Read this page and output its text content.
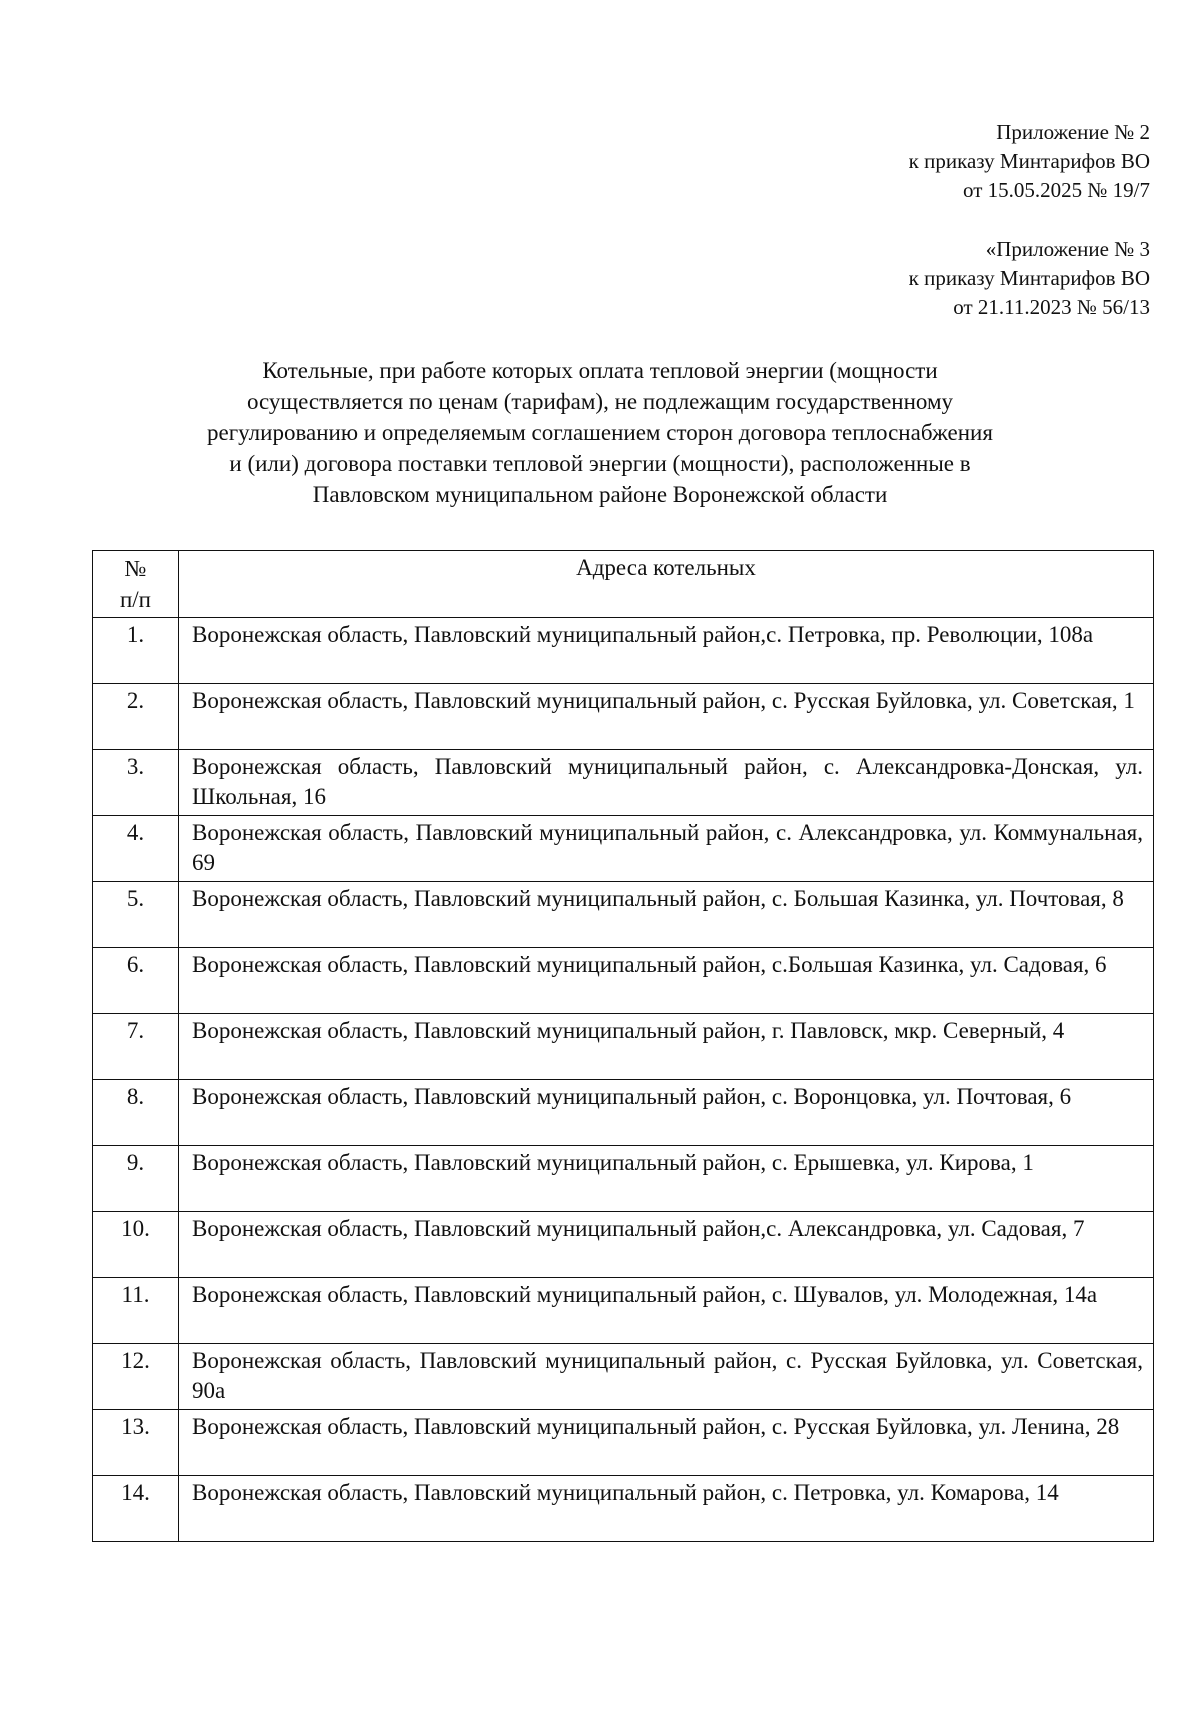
Приложение № 2
к приказу Минтарифов ВО
от 15.05.2025 № 19/7
«Приложение № 3
к приказу Минтарифов ВО
от 21.11.2023 № 56/13
Котельные, при работе которых оплата тепловой энергии (мощности
осуществляется по ценам (тарифам), не подлежащим государственному
регулированию и определяемым соглашением сторон договора теплоснабжения
и (или) договора поставки тепловой энергии (мощности), расположенные в
Павловском муниципальном районе Воронежской области
№
п/п	Адреса котельных
1.	Воронежская область, Павловский муниципальный район,с. Петровка, пр. Революции, 108а
2.	Воронежская область, Павловский муниципальный район, с. Русская Буйловка, ул. Советская, 1
3.	Воронежская область, Павловский муниципальный район, с. Александровка-Донская, ул. Школьная, 16
4.	Воронежская область, Павловский муниципальный район, с. Александровка, ул. Коммунальная, 69
5.	Воронежская область, Павловский муниципальный район, с. Большая Казинка, ул. Почтовая, 8
6.	Воронежская область, Павловский муниципальный район, с.Большая Казинка, ул. Садовая, 6
7.	Воронежская область, Павловский муниципальный район, г. Павловск, мкр. Северный, 4
8.	Воронежская область, Павловский муниципальный район, с. Воронцовка, ул. Почтовая, 6
9.	Воронежская область, Павловский муниципальный район, с. Ерышевка, ул. Кирова, 1
10.	Воронежская область, Павловский муниципальный район,с. Александровка, ул. Садовая, 7
11.	Воронежская область, Павловский муниципальный район, с. Шувалов, ул. Молодежная, 14а
12.	Воронежская область, Павловский муниципальный район, с. Русская Буйловка, ул. Советская, 90а
13.	Воронежская область, Павловский муниципальный район, с. Русская Буйловка, ул. Ленина, 28
14.	Воронежская область, Павловский муниципальный район, с. Петровка, ул. Комарова, 14
